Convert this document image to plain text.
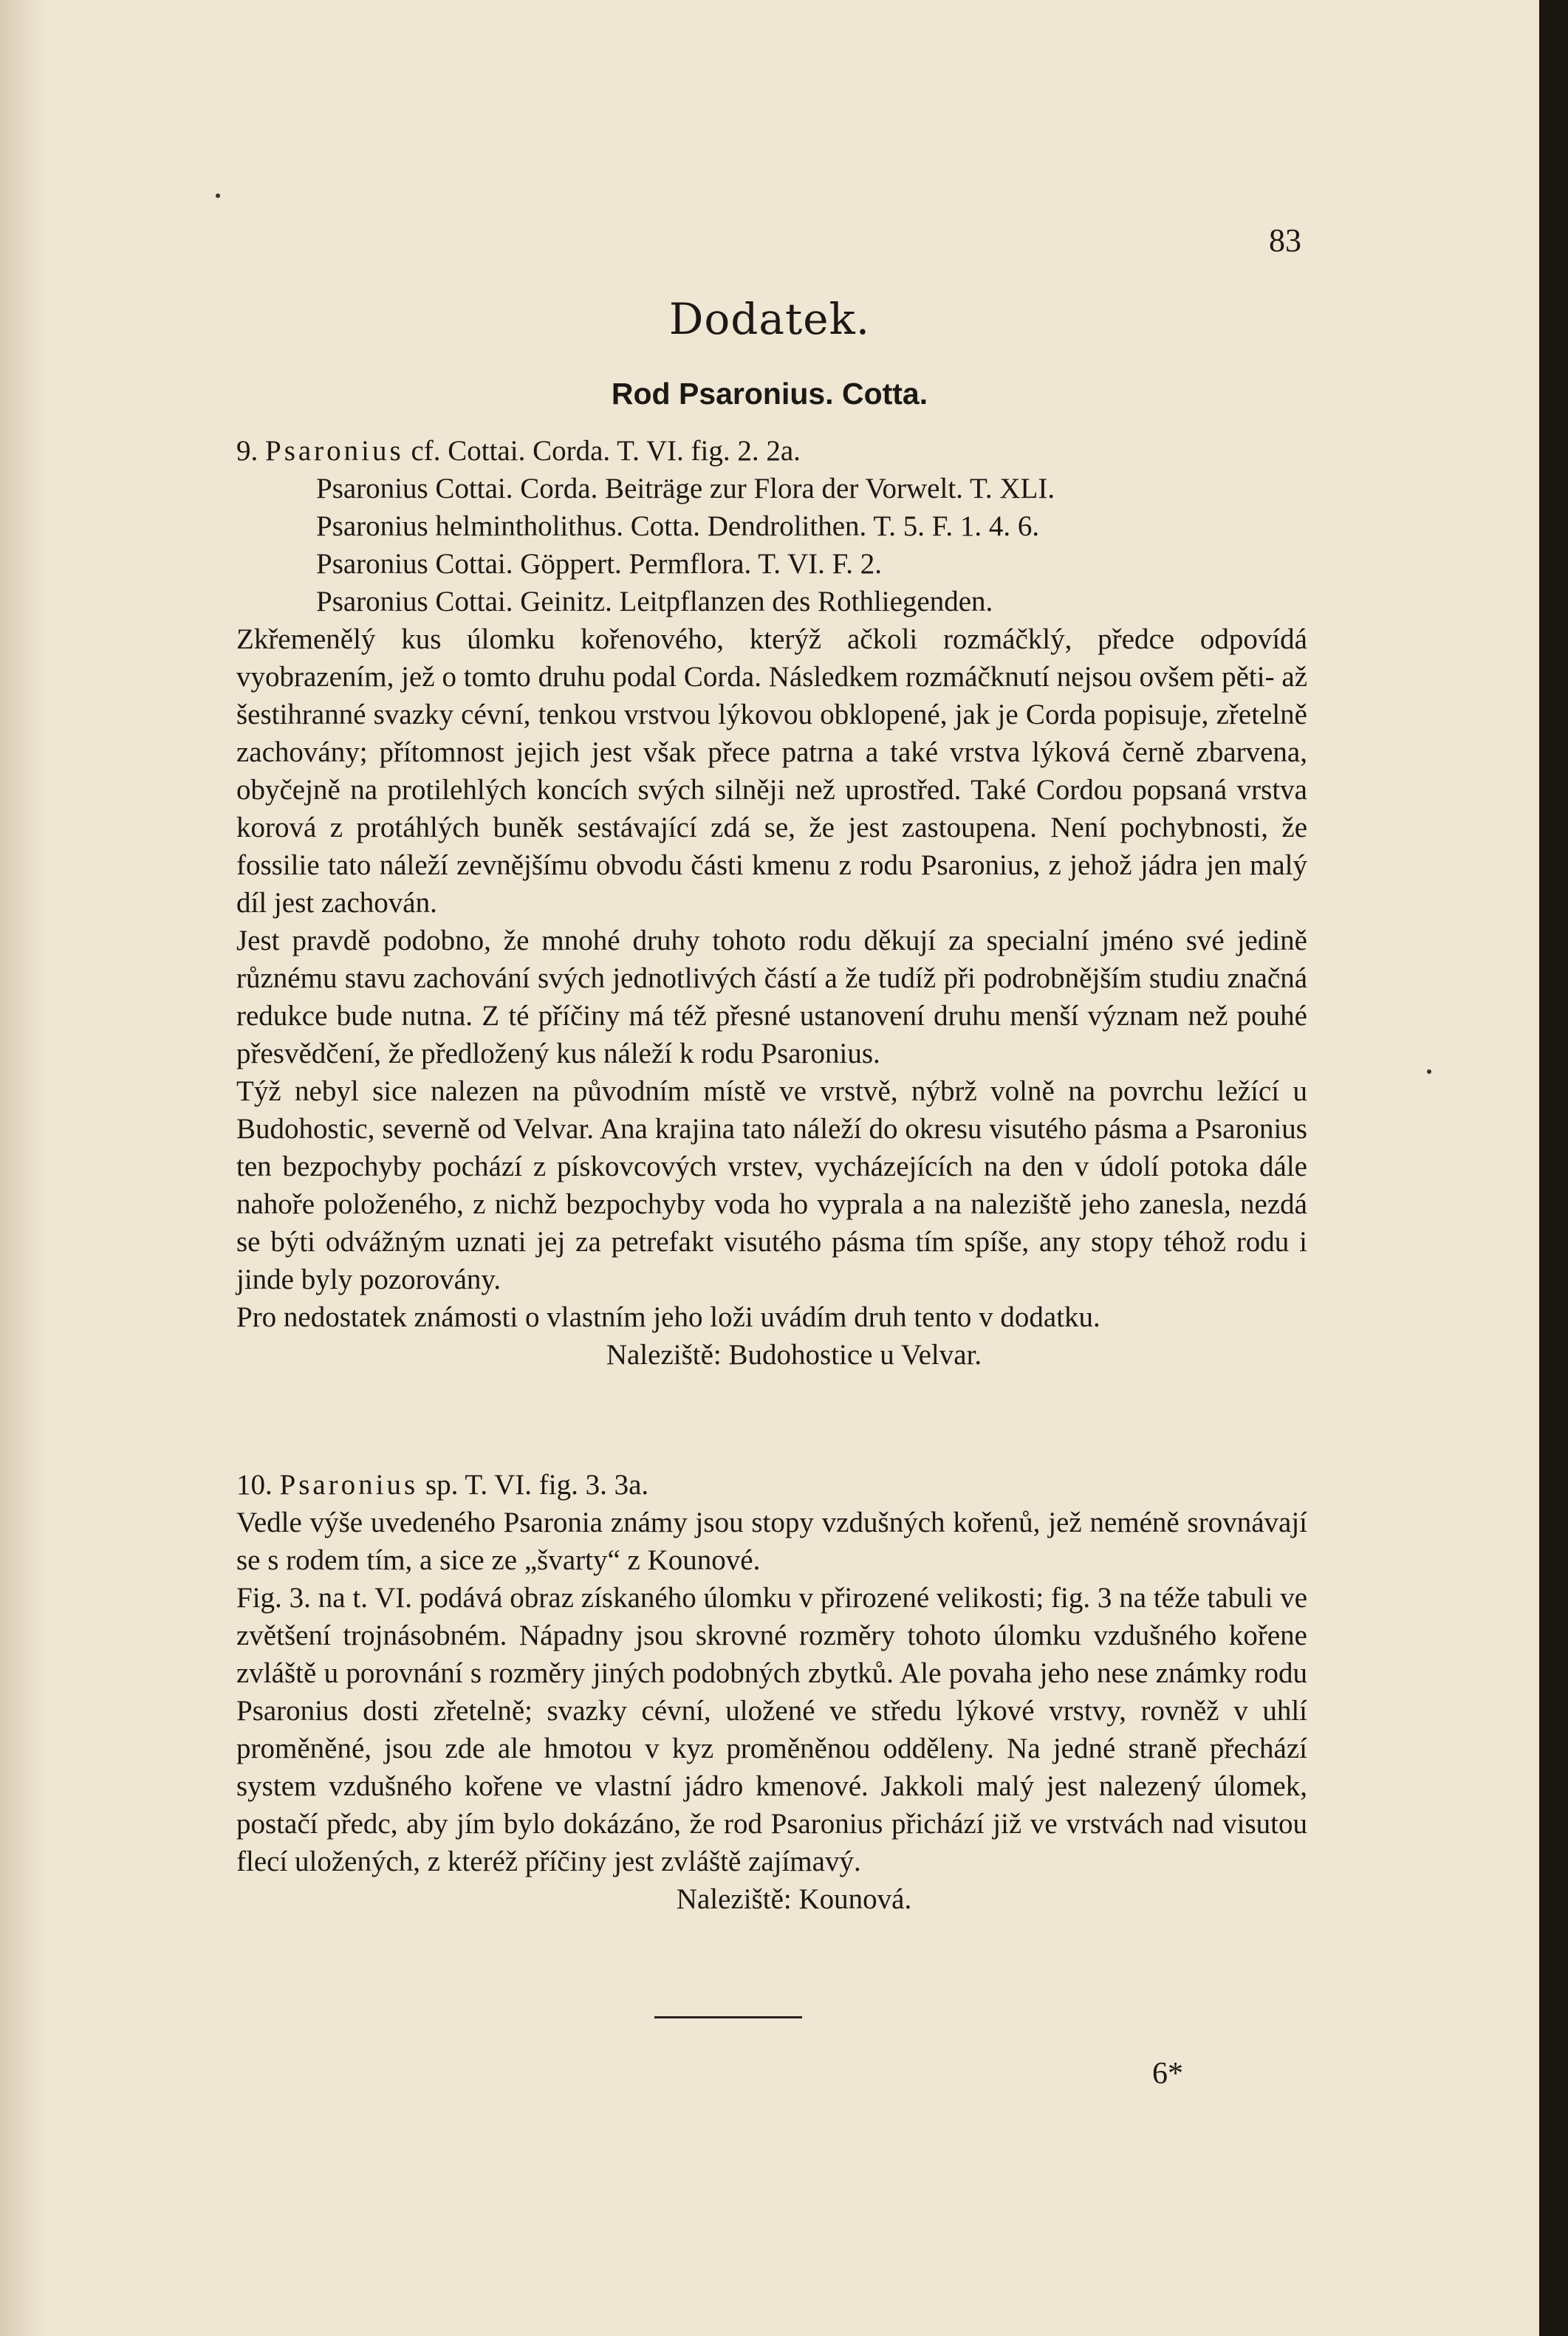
83
Dodatek.
Rod Psaronius. Cotta.

9. Psaronius cf. Cottai. Corda. T. VI. fig. 2. 2a.

Psaronius Cottai. Corda. Beiträge zur Flora der Vorwelt. T. XLI.

Psaronius helmintholithus. Cotta. Dendrolithen. T. 5. F. 1. 4. 6.

Psaronius Cottai. Göppert. Permflora. T. VI. F. 2.

Psaronius Cottai. Geinitz. Leitpflanzen des Rothliegenden.

Zkřemenělý kus úlomku kořenového, kterýž ačkoli rozmáčklý, předce odpovídá vyobrazením, jež o tomto druhu podal Corda. Následkem rozmáčknutí nejsou ovšem pěti- až šestihranné svazky cévní, tenkou vrstvou lýkovou obklopené, jak je Corda popisuje, zřetelně zachovány; přítomnost jejich jest však přece patrna a také vrstva lýková černě zbarvena, obyčejně na protilehlých koncích svých silněji než uprostřed. Také Cordou popsaná vrstva korová z protáhlých buněk sestávající zdá se, že jest zastoupena. Není pochybnosti, že fossilie tato náleží zevnějšímu obvodu části kmenu z rodu Psaronius, z jehož jádra jen malý díl jest zachován.

Jest pravdě podobno, že mnohé druhy tohoto rodu děkují za specialní jméno své jedině různému stavu zachování svých jednotlivých částí a že tudíž při podrobnějším studiu značná redukce bude nutna. Z té příčiny má též přesné ustanovení druhu menší význam než pouhé přesvědčení, že předložený kus náleží k rodu Psaronius.

Týž nebyl sice nalezen na původním místě ve vrstvě, nýbrž volně na povrchu ležící u Budohostic, severně od Velvar. Ana krajina tato náleží do okresu visutého pásma a Psaronius ten bezpochyby pochází z pískovcových vrstev, vycházejících na den v údolí potoka dále nahoře položeného, z nichž bezpochyby voda ho vyprala a na naleziště jeho zanesla, nezdá se býti odvážným uznati jej za petrefakt visutého pásma tím spíše, any stopy téhož rodu i jinde byly pozorovány.

Pro nedostatek známosti o vlastním jeho loži uvádím druh tento v dodatku.

Naleziště: Budohostice u Velvar.

10. Psaronius sp. T. VI. fig. 3. 3a.

Vedle výše uvedeného Psaronia známy jsou stopy vzdušných kořenů, jež neméně srovnávají se s rodem tím, a sice ze „švarty“ z Kounové.

Fig. 3. na t. VI. podává obraz získaného úlomku v přirozené velikosti; fig. 3 na téže tabuli ve zvětšení trojnásobném. Nápadny jsou skrovné rozměry tohoto úlomku vzdušného kořene zvláště u porovnání s rozměry jiných podobných zbytků. Ale povaha jeho nese známky rodu Psaronius dosti zřetelně; svazky cévní, uložené ve středu lýkové vrstvy, rovněž v uhlí proměněné, jsou zde ale hmotou v kyz proměněnou odděleny. Na jedné straně přechází system vzdušného kořene ve vlastní jádro kmenové. Jakkoli malý jest nalezený úlomek, postačí předc, aby jím bylo dokázáno, že rod Psaronius přichází již ve vrstvách nad visutou flecí uložených, z kteréž příčiny jest zvláště zajímavý.

Naleziště: Kounová.

6*
